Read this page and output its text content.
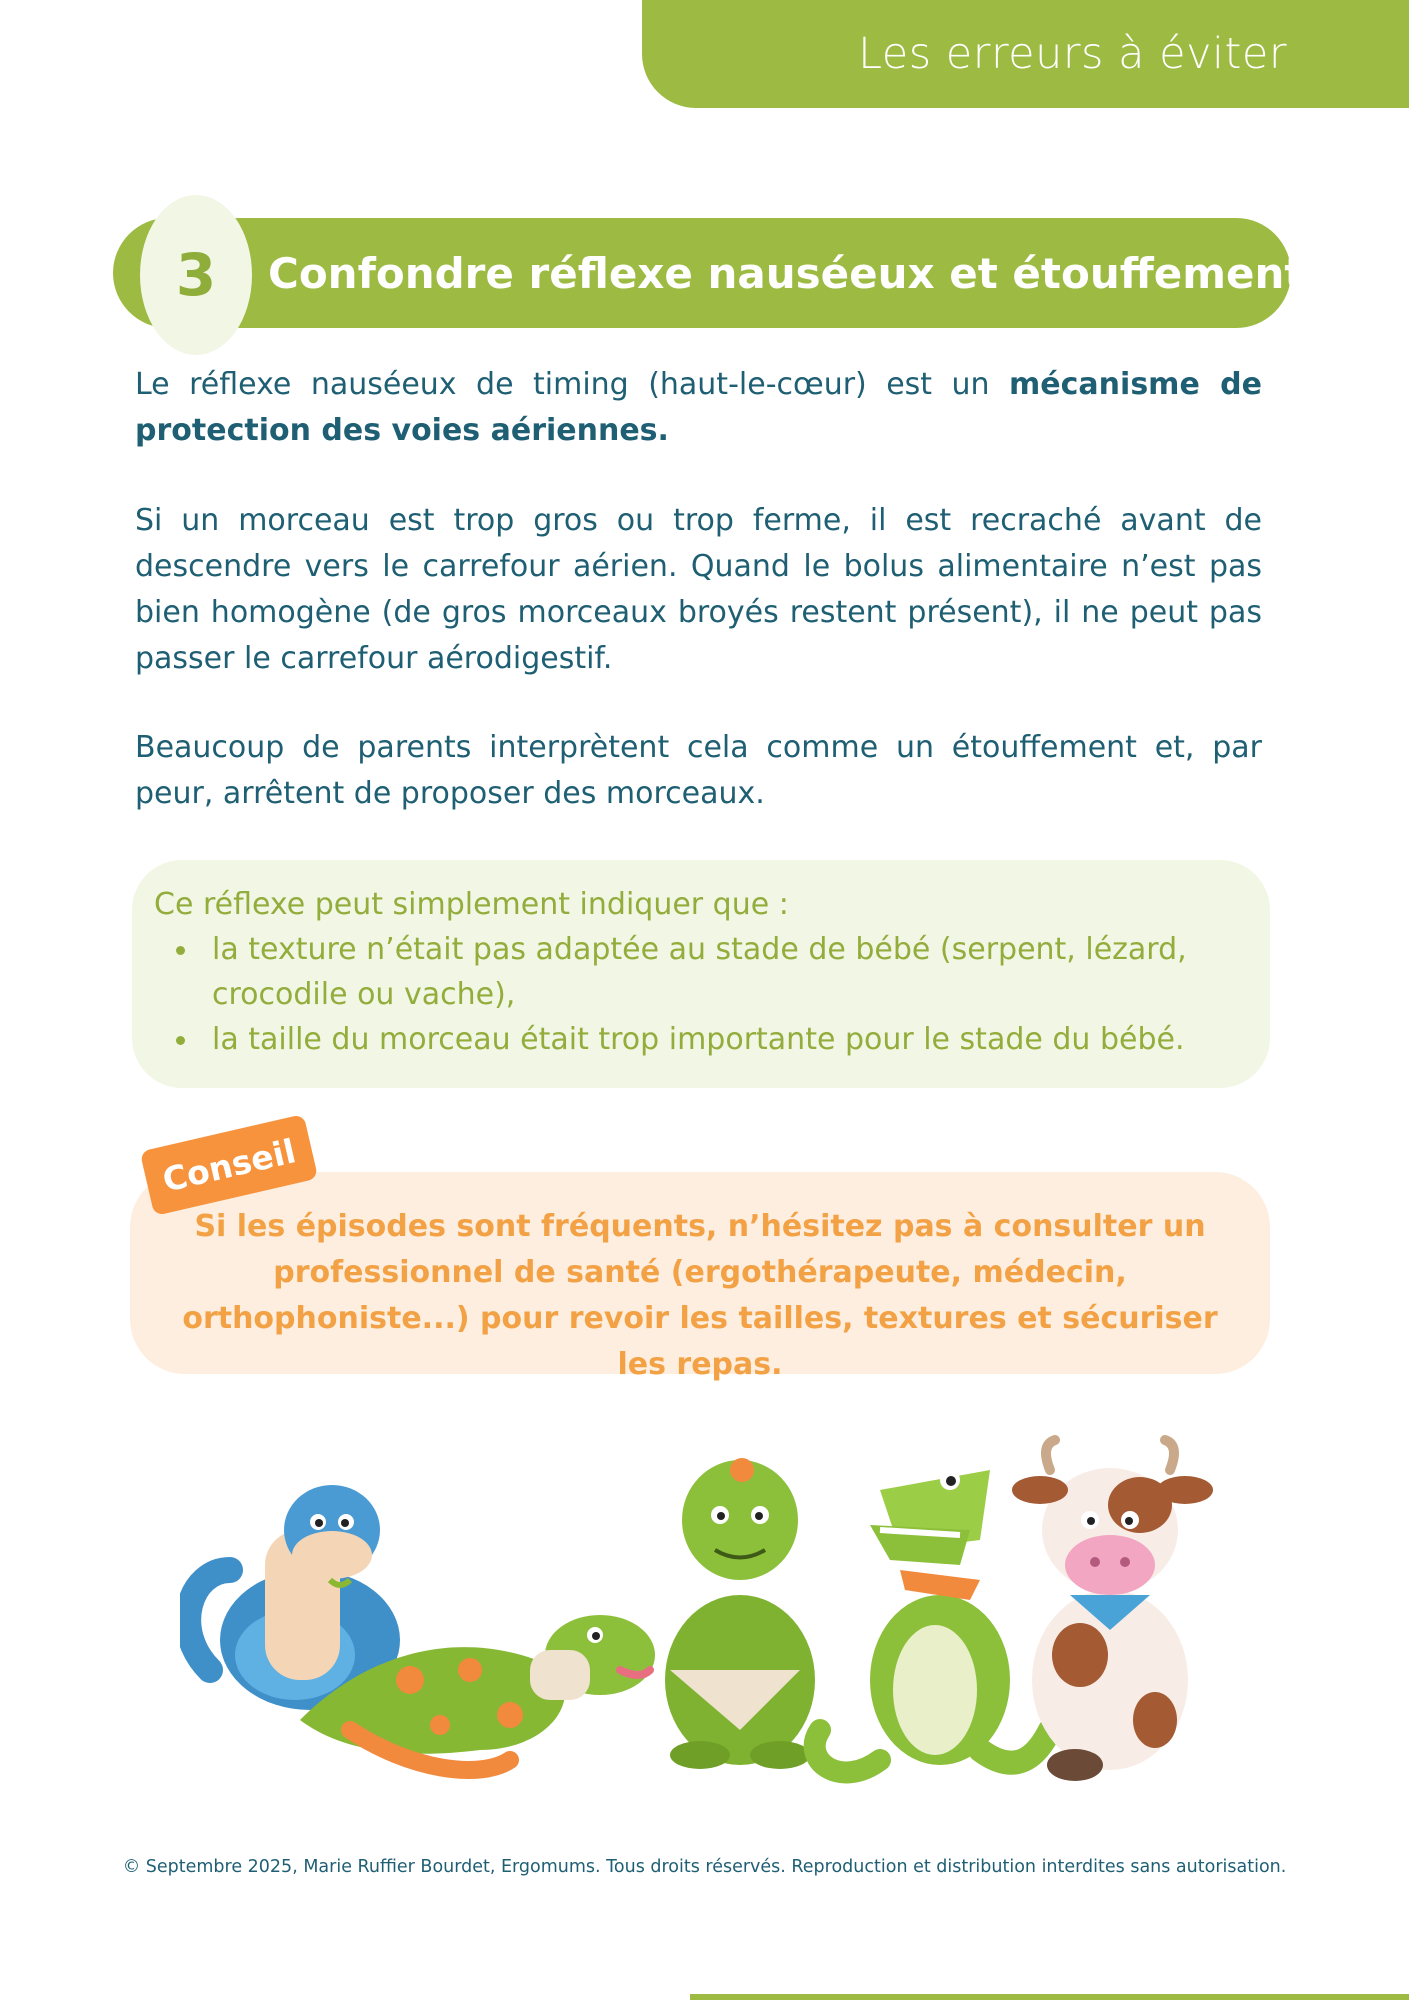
Les erreurs à éviter
3 Confondre réflexe nauséeux et étouffement

Le réflexe nauséeux de timing (haut-le-cœur) est un mécanisme de protection des voies aériennes.

Si un morceau est trop gros ou trop ferme, il est recraché avant de descendre vers le carrefour aérien. Quand le bolus alimentaire n’est pas bien homogène (de gros morceaux broyés restent présent), il ne peut pas passer le carrefour aérodigestif.

Beaucoup de parents interprètent cela comme un étouffement et, par peur, arrêtent de proposer des morceaux.

Ce réflexe peut simplement indiquer que :
la texture n’était pas adaptée au stade de bébé (serpent, lézard, crocodile ou vache),
la taille du morceau était trop importante pour le stade du bébé.
Si les épisodes sont fréquents, n’hésitez pas à consulter un professionnel de santé (ergothérapeute, médecin, orthophoniste...) pour revoir les tailles, textures et sécuriser les repas.
Conseil
© Septembre 2025, Marie Ruffier Bourdet, Ergomums. Tous droits réservés. Reproduction et distribution interdites sans autorisation.
